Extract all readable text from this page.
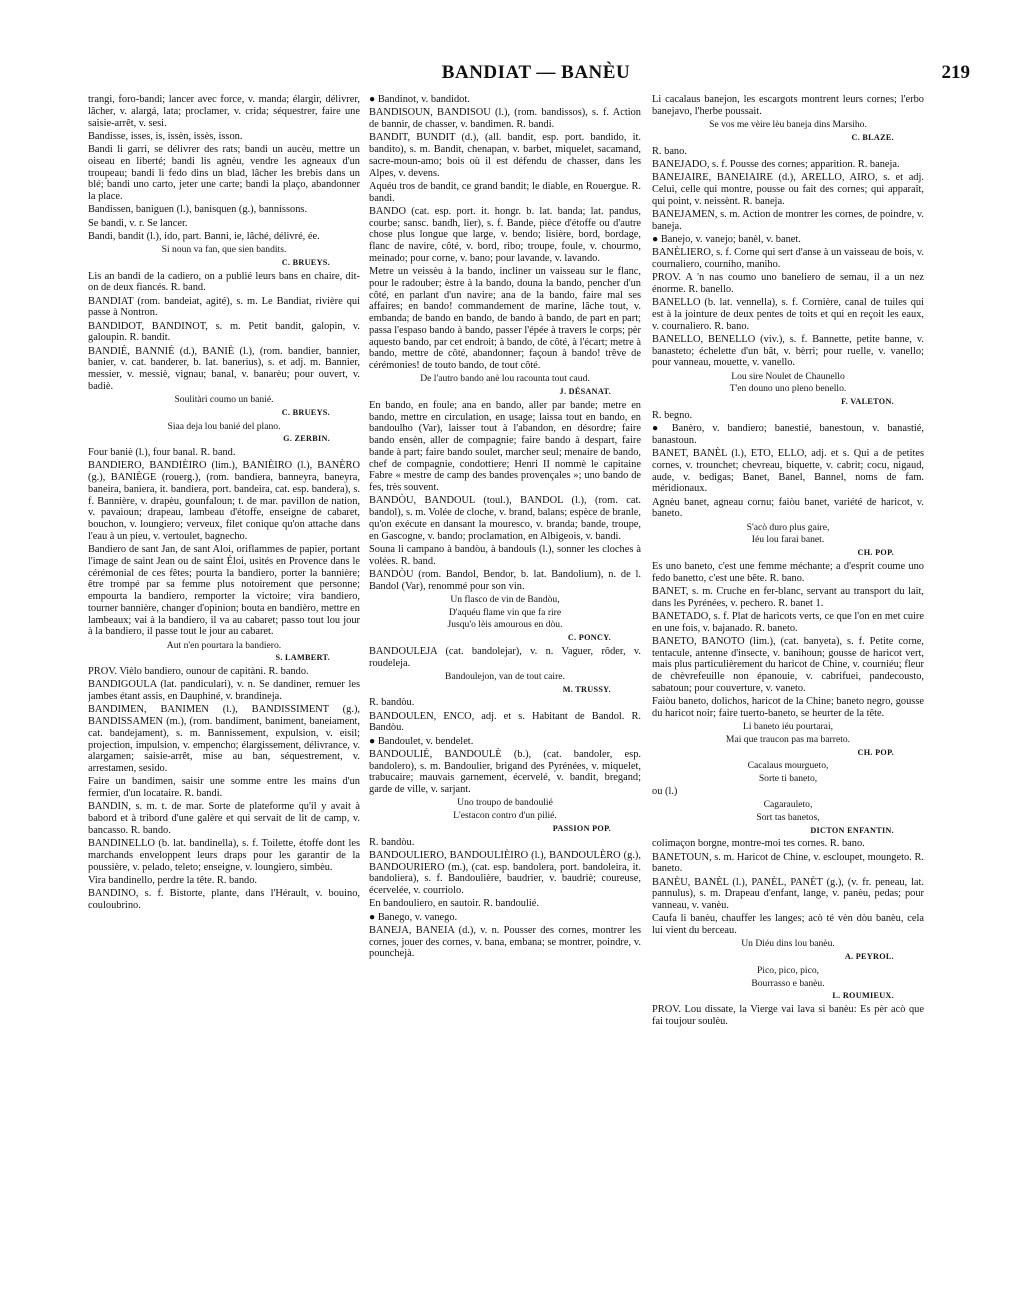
BANDIAT — BANÈU	219

trangi, foro-bandi; lancer avec force, v. manda; élargir, délivrer, lâcher, v. alargá, lata; proclamer, v. crida; séquestrer, faire une saisie-arrêt, v. sesi.

Bandisse, isses, is, issèn, issès, isson.

Bandi li garri, se délivrer des rats; bandi un aucèu, mettre un oiseau en liberté; bandi lis agnèu, vendre les agneaux d'un troupeau; bandi li fedo dins un blad, lâcher les brebis dans un blé; bandi uno carto, jeter une carte; bandi la plaço, abandonner la place.

Bandissen, baniguen (l.), banisquen (g.), bannissons.

Se bandi, v. r. Se lancer.

Bandi, bandit (l.), ido, part. Banni, ie, lâché, délivré, ée.

Si noun va fan, que sien bandits.

C. BRUEYS.

Lis an bandi de la cadiero, on a publié leurs bans en chaire, dit-on de deux fiancés. R. band.

BANDIAT (rom. bandeiat, agité), s. m. Le Bandiat, rivière qui passe à Nontron.

BANDIDOT, BANDINOT, s. m. Petit bandit, galopin, v. galoupin. R. bandit.

BANDIÉ, BANNIÉ (d.), BANIÈ (l.), (rom. bandier, bannier, banier, v. cat. banderer, b. lat. banerius), s. et adj. m. Bannier, messier, v. messiè, vignau; banal, v. banarèu; pour ouvert, v. badiè.

Soulitàri coumo un banié.

C. BRUEYS.

Siaa deja lou banié del plano.

G. ZERBIN.

Four baniè (l.), four banal. R. band.

BANDIERO, BANDIÈIRO (lim.), BANIÈIRO (l.), BANÈRO (g.), BANIÈGE (rouerg.), (rom. bandiera, banneyra, baneyra, baneira, baniera, it. bandiera, port. bandeira, cat. esp. bandera), s. f. Bannière, v. drapèu, gounfaloun; t. de mar. pavillon de nation, v. pavaioun; drapeau, lambeau d'étoffe, enseigne de cabaret, bouchon, v. loungiero; verveux, filet conique qu'on attache dans l'eau à un pieu, v. vertoulet, bagnecho.

Bandiero de sant Jan, de sant Aloi, oriflammes de papier, portant l'image de saint Jean ou de saint Éloi, usités en Provence dans le cérémonial de ces fêtes; pourta la bandiero, porter la bannière; être trompé par sa femme plus notoirement que personne; empourta la bandiero, remporter la victoire; vira bandiero, tourner bannière, changer d'opinion; bouta en bandièro, mettre en lambeaux; vai à la bandiero, il va au cabaret; passo tout lou jour à la bandiero, il passe tout le jour au cabaret.

Aut n'en pourtara la bandiero.

S. LAMBERT.

PROV. Vièlo bandiero, ounour de capitàni. R. bando.

BANDIGOULA (lat. pandiculari), v. n. Se dandiner, remuer les jambes étant assis, en Dauphiné, v. brandineja.

BANDIMEN, BANIMEN (l.), BANDISSIMENT (g.), BANDISSAMEN (m.), (rom. bandiment, baniment, baneiament, cat. bandejament), s. m. Bannissement, expulsion, v. eisil; projection, impulsion, v. empencho; élargissement, délivrance, v. alargamen; saisie-arrêt, mise au ban, séquestrement, v. arrestamen, sesido.

Faire un bandimen, saisir une somme entre les mains d'un fermier, d'un locataire. R. bandi.

BANDIN, s. m. t. de mar. Sorte de plateforme qu'il y avait à babord et à tribord d'une galère et qui servait de lit de camp, v. bancasso. R. bando.

BANDINELLO (b. lat. bandinella), s. f. Toilette, étoffe dont les marchands enveloppent leurs draps pour les garantir de la poussière, v. pelado, teleto; enseigne, v. loungiero, simbèu.

Vira bandinello, perdre la tête. R. bando.

BANDINO, s. f. Bistorte, plante, dans l'Hérault, v. bouino, couloubrino.

● Bandinot, v. bandidot.

BANDISOUN, BANDISOU (l.), (rom. bandissos), s. f. Action de bannir, de chasser, v. bandimen. R. bandi.

BANDIT, BUNDIT (d.), (all. bandit, esp. port. bandido, it. bandito), s. m. Bandit, chenapan, v. barbet, miquelet, sacamand, sacre-moun-amo; bois où il est défendu de chasser, dans les Alpes, v. devens.

Aquéu tros de bandit, ce grand bandit; le diable, en Rouergue. R. bandi.

BANDO (cat. esp. port. it. hongr. b. lat. banda; lat. pandus, courbe; sansc. bandh, lier), s. f. Bande, pièce d'étoffe ou d'autre chose plus longue que large, v. bendo; lisière, bord, bordage, flanc de navire, côté, v. bord, ribo; troupe, foule, v. chourmo, meinado; pour corne, v. bano; pour lavande, v. lavando.

Metre un veissèu à la bando, incliner un vaisseau sur le flanc, pour le radouber; èstre à la bando, douna la bando, pencher d'un côté, en parlant d'un navire; ana de la bando, faire mal ses affaires; en bando! commandement de marine, lâche tout, v. embanda; de bando en bando, de bando à bando, de part en part; passa l'espaso bando à bando, passer l'épée à travers le corps; pèr aquesto bando, par cet endroit; à bando, de côté, à l'écart; metre à bando, mettre de côté, abandonner; façoun à bando! trêve de cérémonies! de touto bando, de tout côté.

De l'autro bando anè lou racounta tout caud.

J. DÉSANAT.

En bando, en foule; ana en bando, aller par bande; metre en bando, mettre en circulation, en usage; laissa tout en bando, en bandoulho (Var), laisser tout à l'abandon, en désordre; faire bando ensèn, aller de compagnie; faire bando à despart, faire bande à part; faire bando soulet, marcher seul; menaire de bando, chef de compagnie, condottiere; Henri II nommè le capitaine Fabre « mestre de camp des bandes provençales »; uno bando de fes, très souvent.

BANDÒU, BANDOUL (toul.), BANDOL (l.), (rom. cat. bandol), s. m. Volée de cloche, v. brand, balans; espèce de branle, qu'on exécute en dansant la mouresco, v. branda; bande, troupe, en Gascogne, v. bando; proclamation, en Albigeois, v. bandi.

Souna li campano à bandòu, à bandouls (l.), sonner les cloches à volées. R. band.

BANDÒU (rom. Bandol, Bendor, b. lat. Bandolium), n. de l. Bandol (Var), renommé pour son vin.

Un flasco de vin de Bandòu,

D'aquéu flame vin que fa rire

Jusqu'o lèis amourous en dòu.

C. PONCY.

BANDOULEJA (cat. bandolejar), v. n. Vaguer, rôder, v. roudeleja.

Bandoulejon, van de tout caire.

M. TRUSSY.

R. bandòu.

BANDOULEN, ENCO, adj. et s. Habitant de Bandol. R. Bandòu.

● Bandoulet, v. bendelet.

BANDOULIÉ, BANDOULÈ (b.), (cat. bandoler, esp. bandolero), s. m. Bandoulier, brigand des Pyrénées, v. miquelet, trabucaire; mauvais garnement, écervelé, v. bandit, bregand; garde de ville, v. sarjant.

Uno troupo de bandoulié

L'estacon contro d'un pilié.

PASSION POP.

R. bandòu.

BANDOULIERO, BANDOULIÈIRO (l.), BANDOULÈRO (g.), BANDOURIERO (m.), (cat. esp. bandolera, port. bandoleira, it. bandoliera), s. f. Bandoulière, baudrier, v. baudriè; coureuse, écervelée, v. courriolo.

En bandouliero, en sautoir. R. bandoulié.

● Banego, v. vanego.

BANEJA, BANEIA (d.), v. n. Pousser des cornes, montrer les cornes, jouer des cornes, v. bana, embana; se montrer, poindre, v. pounchejà.

Li cacalaus banejon, les escargots montrent leurs cornes; l'erbo banejavo, l'herbe poussait.

Se vos me vèire lèu baneja dins Marsiho.

C. BLAZE.

R. bano.

BANEJADO, s. f. Pousse des cornes; apparition. R. baneja.

BANEJAIRE, BANEIAIRE (d.), ARELLO, AIRO, s. et adj. Celui, celle qui montre, pousse ou fait des cornes; qui apparaît, qui point, v. neissènt. R. baneja.

BANEJAMEN, s. m. Action de montrer les cornes, de poindre, v. baneja.

● Banejo, v. vanejo; banèl, v. banet.

BANÈLIERO, s. f. Corne qui sert d'anse à un vaisseau de bois, v. cournaliero, courniho, maniho.

PROV. A 'n nas coumo uno baneliero de semau, il a un nez énorme. R. banello.

BANELLO (b. lat. vennella), s. f. Cornière, canal de tuiles qui est à la jointure de deux pentes de toits et qui en reçoit les eaux, v. cournaliero. R. bano.

BANELLO, BENELLO (viv.), s. f. Bannette, petite banne, v. banasteto; échelette d'un bât, v. bèrri; pour ruelle, v. vanello; pour vanneau, mouette, v. vanello.

Lou sire Noulet de Chaunello

T'en douno uno pleno benello.

F. VALETON.

R. begno.

● Banèro, v. bandiero; banestié, banestoun, v. banastié, banastoun.

BANET, BANÈL (l.), ETO, ELLO, adj. et s. Qui a de petites cornes, v. trounchet; chevreau, biquette, v. cabrit; cocu, nigaud, aude, v. bedigas; Banet, Banel, Bannel, noms de fam. méridionaux.

Agnèu banet, agneau cornu; faiòu banet, variété de haricot, v. baneto.

S'acò duro plus gaire,

Iéu lou farai banet.

CH. POP.

Es uno baneto, c'est une femme méchante; a d'esprit coume uno fedo banetto, c'est une bête. R. bano.

BANET, s. m. Cruche en fer-blanc, servant au transport du lait, dans les Pyrénées, v. pechero. R. banet 1.

BANETADO, s. f. Plat de haricots verts, ce que l'on en met cuire en une fois, v. bajanado. R. baneto.

BANETO, BANOTO (lim.), (cat. banyeta), s. f. Petite corne, tentacule, antenne d'insecte, v. banihoun; gousse de haricot vert, mais plus particulièrement du haricot de Chine, v. courniéu; fleur de chèvrefeuille non épanouie, v. cabrifuei, pandecousto, sabatoun; pour couverture, v. vaneto.

Faiòu baneto, dolichos, haricot de la Chine; baneto negro, gousse du haricot noir; faire tuerto-baneto, se heurter de la tête.

Li baneto iéu pourtarai,

Mai que traucon pas ma barreto.

CH. POP.

Cacalaus mourgueto,

Sorte ti baneto,

ou (l.)

Cagarauleto,

Sort tas banetos,

DICTON ENFANTIN.

colimaçon borgne, montre-moi tes cornes. R. bano.

BANETOUN, s. m. Haricot de Chine, v. escloupet, moungeto. R. baneto.

BANÈU, BANÈL (l.), PANÈL, PANÈT (g.), (v. fr. peneau, lat. pannulus), s. m. Drapeau d'enfant, lange, v. panèu, pedas; pour vanneau, v. vanèu.

Caufa li banèu, chauffer les langes; acò té vèn dòu banèu, cela lui vient du berceau.

Un Diéu dins lou banèu.

A. PEYROL.

Pico, pico, pico,

Bourrasso e banèu.

L. ROUMIEUX.

PROV. Lou dissate, la Vierge vai lava si banèu: Es pèr acò que fai toujour soulèu.
